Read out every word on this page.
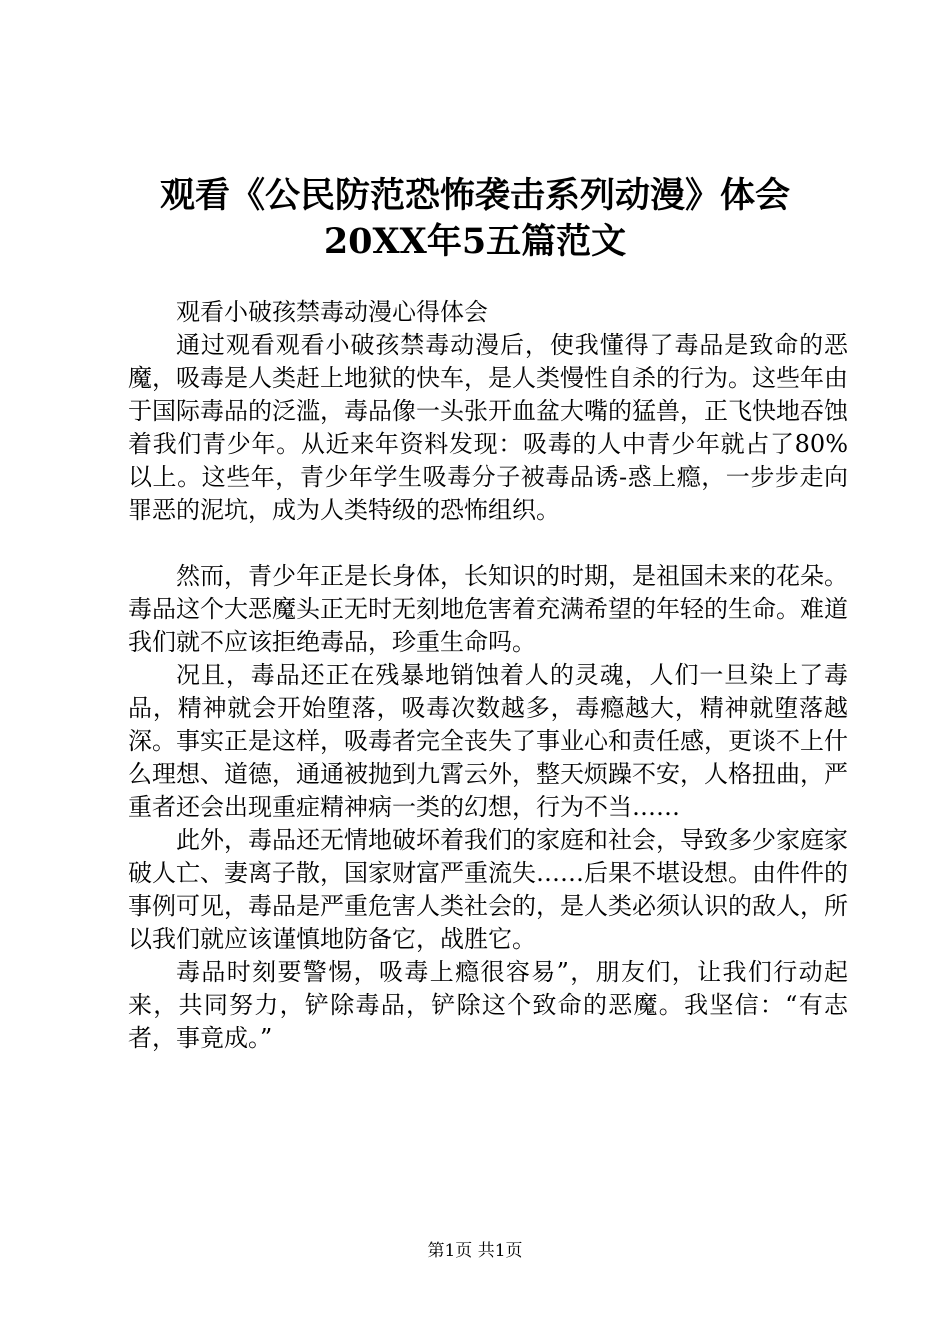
观看《公民防范恐怖袭击系列动漫》体会
20XX年5五篇范文

观看小破孩禁毒动漫心得体会

通过观看观看小破孩禁毒动漫后，使我懂得了毒品是致命的恶魔，吸毒是人类赶上地狱的快车，是人类慢性自杀的行为。这些年由于国际毒品的泛滥，毒品像一头张开血盆大嘴的猛兽，正飞快地吞蚀着我们青少年。从近来年资料发现：吸毒的人中青少年就占了80%以上。这些年，青少年学生吸毒分子被毒品诱-惑上瘾，一步步走向罪恶的泥坑，成为人类特级的恐怖组织。

然而，青少年正是长身体，长知识的时期，是祖国未来的花朵。毒品这个大恶魔头正无时无刻地危害着充满希望的年轻的生命。难道我们就不应该拒绝毒品，珍重生命吗。

况且，毒品还正在残暴地销蚀着人的灵魂，人们一旦染上了毒品，精神就会开始堕落，吸毒次数越多，毒瘾越大，精神就堕落越深。事实正是这样，吸毒者完全丧失了事业心和责任感，更谈不上什么理想、道德，通通被抛到九霄云外，整天烦躁不安，人格扭曲，严重者还会出现重症精神病一类的幻想，行为不当……

此外，毒品还无情地破坏着我们的家庭和社会，导致多少家庭家破人亡、妻离子散，国家财富严重流失……后果不堪设想。由件件的事例可见，毒品是严重危害人类社会的，是人类必须认识的敌人，所以我们就应该谨慎地防备它，战胜它。

毒品时刻要警惕，吸毒上瘾很容易”，朋友们，让我们行动起来，共同努力，铲除毒品，铲除这个致命的恶魔。我坚信：“有志者，事竟成。”

第1页 共1页
